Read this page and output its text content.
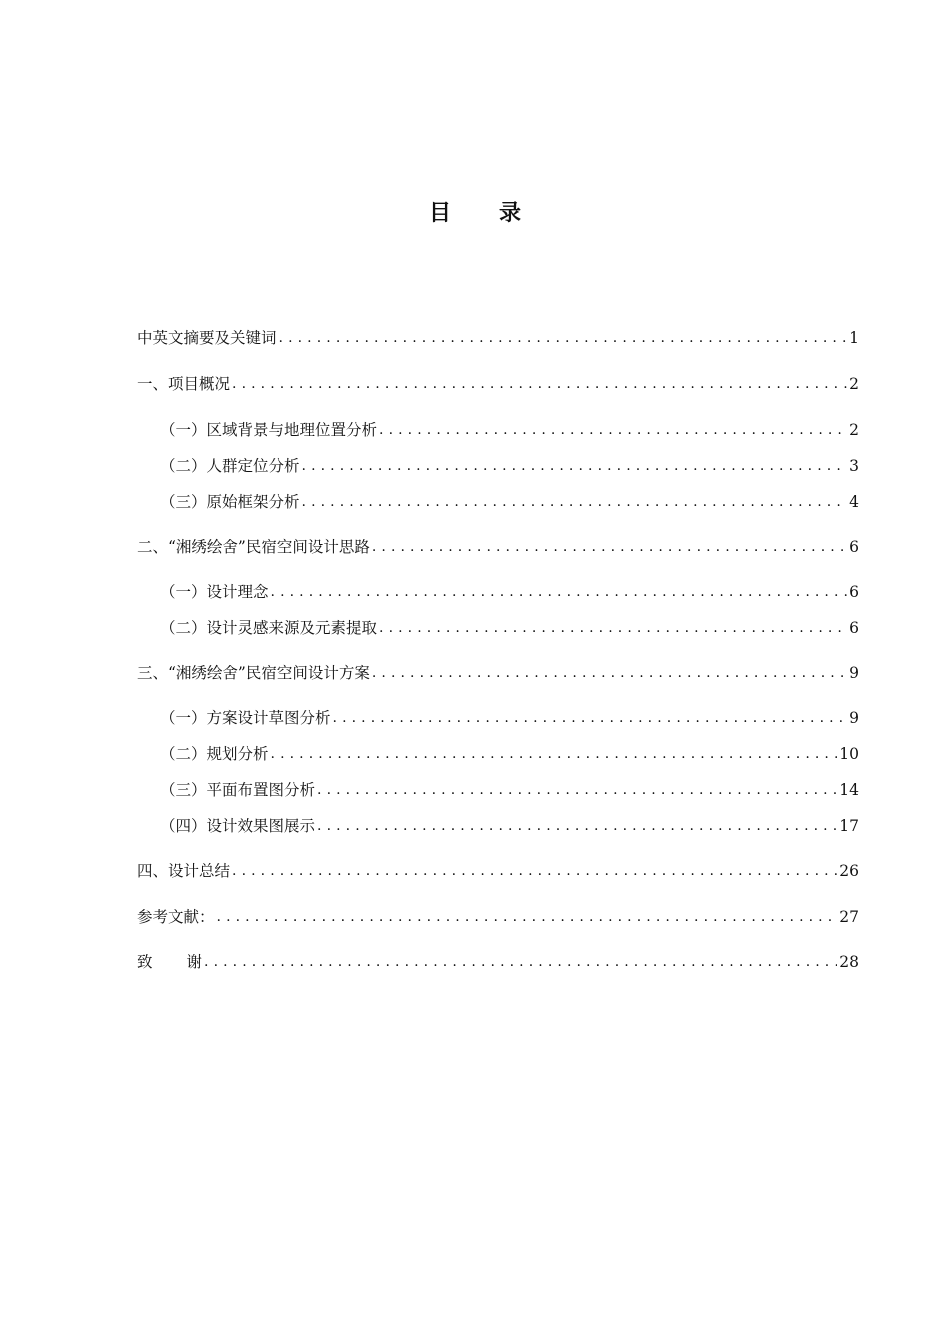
目 录
中英文摘要及关键词 .....	1
一、项目概况 .....	2
（一）区域背景与地理位置分析 .....	2
（二）人群定位分析 .....	3
（三）原始框架分析 .....	4
二、“湘绣绘舍”民宿空间设计思路 .....	6
（一）设计理念 .....	6
（二）设计灵感来源及元素提取 .....	6
三、“湘绣绘舍”民宿空间设计方案 .....	9
（一）方案设计草图分析 .....	9
（二）规划分析 .....	10
（三）平面布置图分析 .....	14
（四）设计效果图展示 .....	17
四、设计总结 .....	26
参考文献： .....	27
致 谢 .....	28
